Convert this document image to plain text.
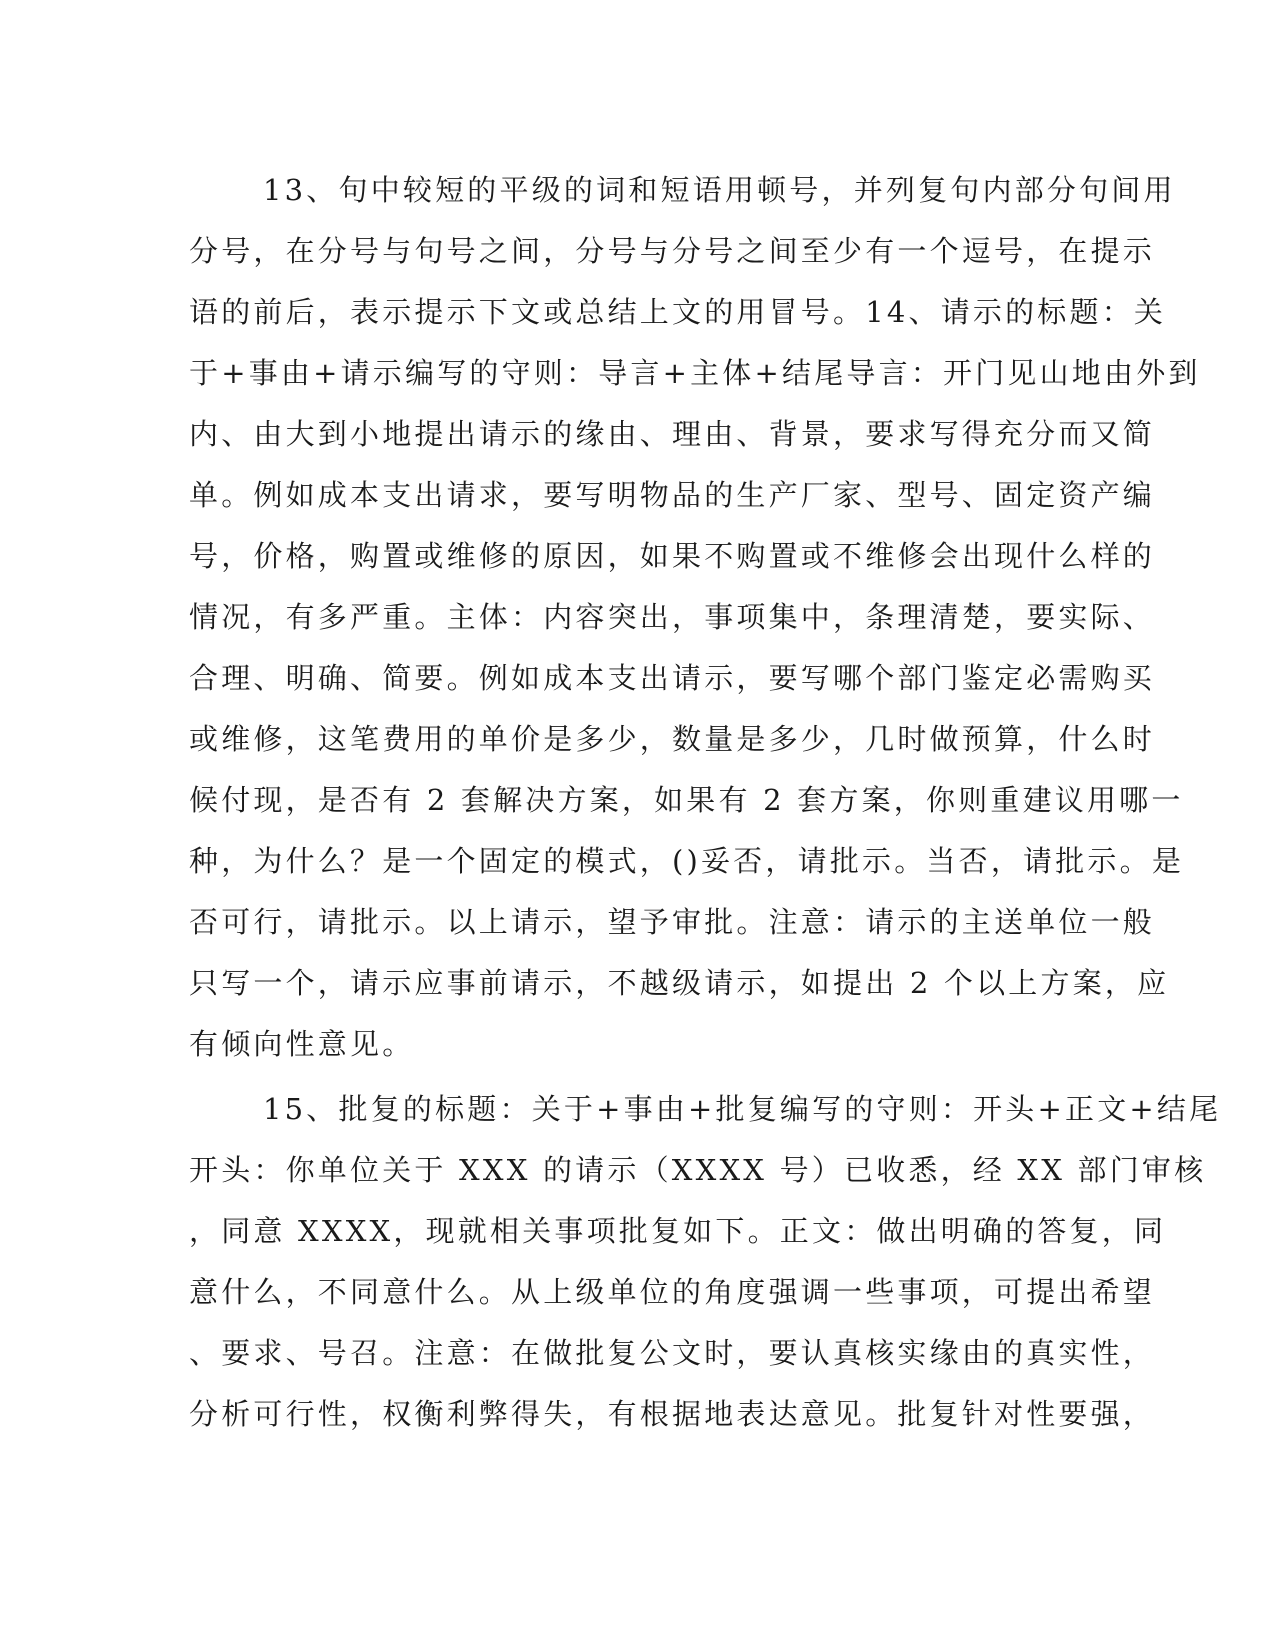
13、句中较短的平级的词和短语用顿号，并列复句内部分句间用
分号，在分号与句号之间，分号与分号之间至少有一个逗号，在提示
语的前后，表示提示下文或总结上文的用冒号。14、请示的标题：关
于+事由+请示编写的守则：导言+主体+结尾导言：开门见山地由外到
内、由大到小地提出请示的缘由、理由、背景，要求写得充分而又简
单。例如成本支出请求，要写明物品的生产厂家、型号、固定资产编
号，价格，购置或维修的原因，如果不购置或不维修会出现什么样的
情况，有多严重。主体：内容突出，事项集中，条理清楚，要实际、
合理、明确、简要。例如成本支出请示，要写哪个部门鉴定必需购买
或维修，这笔费用的单价是多少，数量是多少，几时做预算，什么时
候付现，是否有 2 套解决方案，如果有 2 套方案，你则重建议用哪一
种，为什么？是一个固定的模式，()妥否，请批示。当否，请批示。是
否可行，请批示。以上请示，望予审批。注意：请示的主送单位一般
只写一个，请示应事前请示，不越级请示，如提出 2 个以上方案，应
有倾向性意见。
15、批复的标题：关于+事由+批复编写的守则：开头+正文+结尾
开头：你单位关于 XXX 的请示（XXXX 号）已收悉，经 XX 部门审核
，同意 XXXX，现就相关事项批复如下。正文：做出明确的答复，同
意什么，不同意什么。从上级单位的角度强调一些事项，可提出希望
、要求、号召。注意：在做批复公文时，要认真核实缘由的真实性，
分析可行性，权衡利弊得失，有根据地表达意见。批复针对性要强，
